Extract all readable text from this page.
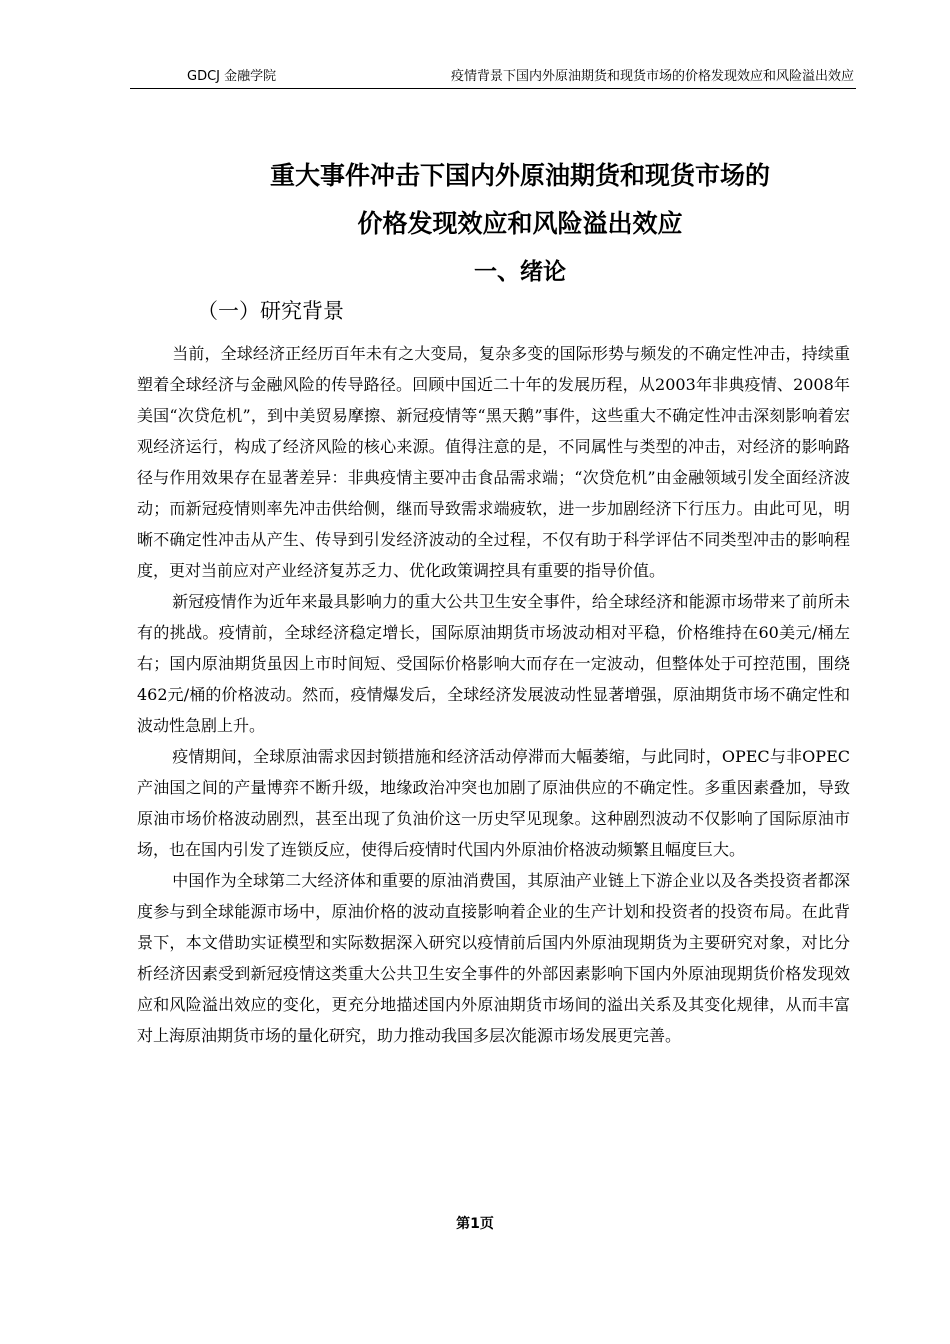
GDCJ 金融学院	疫情背景下国内外原油期货和现货市场的价格发现效应和风险溢出效应
重大事件冲击下国内外原油期货和现货市场的
价格发现效应和风险溢出效应
一、绪论
（一）研究背景

当前，全球经济正经历百年未有之大变局，复杂多变的国际形势与频发的不确定性冲击，持续重塑着全球经济与金融风险的传导路径。回顾中国近二十年的发展历程，从2003年非典疫情、2008年美国“次贷危机”，到中美贸易摩擦、新冠疫情等“黑天鹅”事件，这些重大不确定性冲击深刻影响着宏观经济运行，构成了经济风险的核心来源。值得注意的是，不同属性与类型的冲击，对经济的影响路径与作用效果存在显著差异：非典疫情主要冲击食品需求端；“次贷危机”由金融领域引发全面经济波动；而新冠疫情则率先冲击供给侧，继而导致需求端疲软，进一步加剧经济下行压力。由此可见，明晰不确定性冲击从产生、传导到引发经济波动的全过程，不仅有助于科学评估不同类型冲击的影响程度，更对当前应对产业经济复苏乏力、优化政策调控具有重要的指导价值。

新冠疫情作为近年来最具影响力的重大公共卫生安全事件，给全球经济和能源市场带来了前所未有的挑战。疫情前，全球经济稳定增长，国际原油期货市场波动相对平稳，价格维持在60美元/桶左右；国内原油期货虽因上市时间短、受国际价格影响大而存在一定波动，但整体处于可控范围，围绕462元/桶的价格波动。然而，疫情爆发后，全球经济发展波动性显著增强，原油期货市场不确定性和波动性急剧上升。

疫情期间，全球原油需求因封锁措施和经济活动停滞而大幅萎缩，与此同时，OPEC与非OPEC产油国之间的产量博弈不断升级，地缘政治冲突也加剧了原油供应的不确定性。多重因素叠加，导致原油市场价格波动剧烈，甚至出现了负油价这一历史罕见现象。这种剧烈波动不仅影响了国际原油市场，也在国内引发了连锁反应，使得后疫情时代国内外原油价格波动频繁且幅度巨大。

中国作为全球第二大经济体和重要的原油消费国，其原油产业链上下游企业以及各类投资者都深度参与到全球能源市场中，原油价格的波动直接影响着企业的生产计划和投资者的投资布局。在此背景下，本文借助实证模型和实际数据深入研究以疫情前后国内外原油现期货为主要研究对象，对比分析经济因素受到新冠疫情这类重大公共卫生安全事件的外部因素影响下国内外原油现期货价格发现效应和风险溢出效应的变化，更充分地描述国内外原油期货市场间的溢出关系及其变化规律，从而丰富对上海原油期货市场的量化研究，助力推动我国多层次能源市场发展更完善。

第1页
